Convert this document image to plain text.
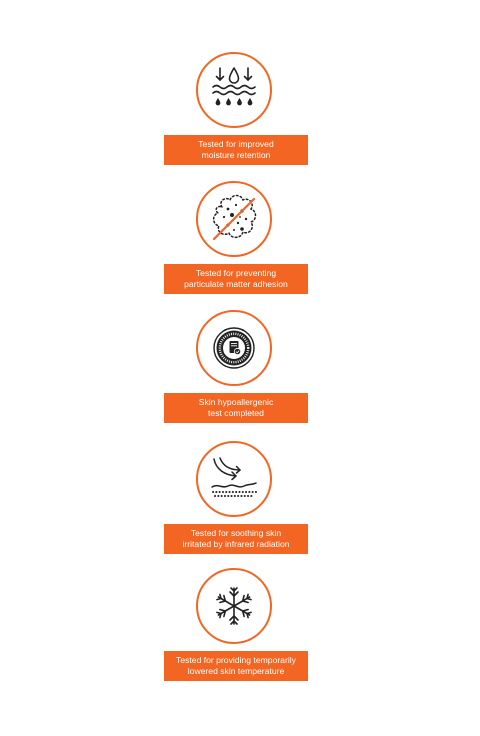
Tested for improved
moisture retention
Tested for preventing
particulate matter adhesion
Skin hypoallergenic
test completed
Tested for soothing skin
irritated by infrared radiation
Tested for providing temporarily
lowered skin temperature
